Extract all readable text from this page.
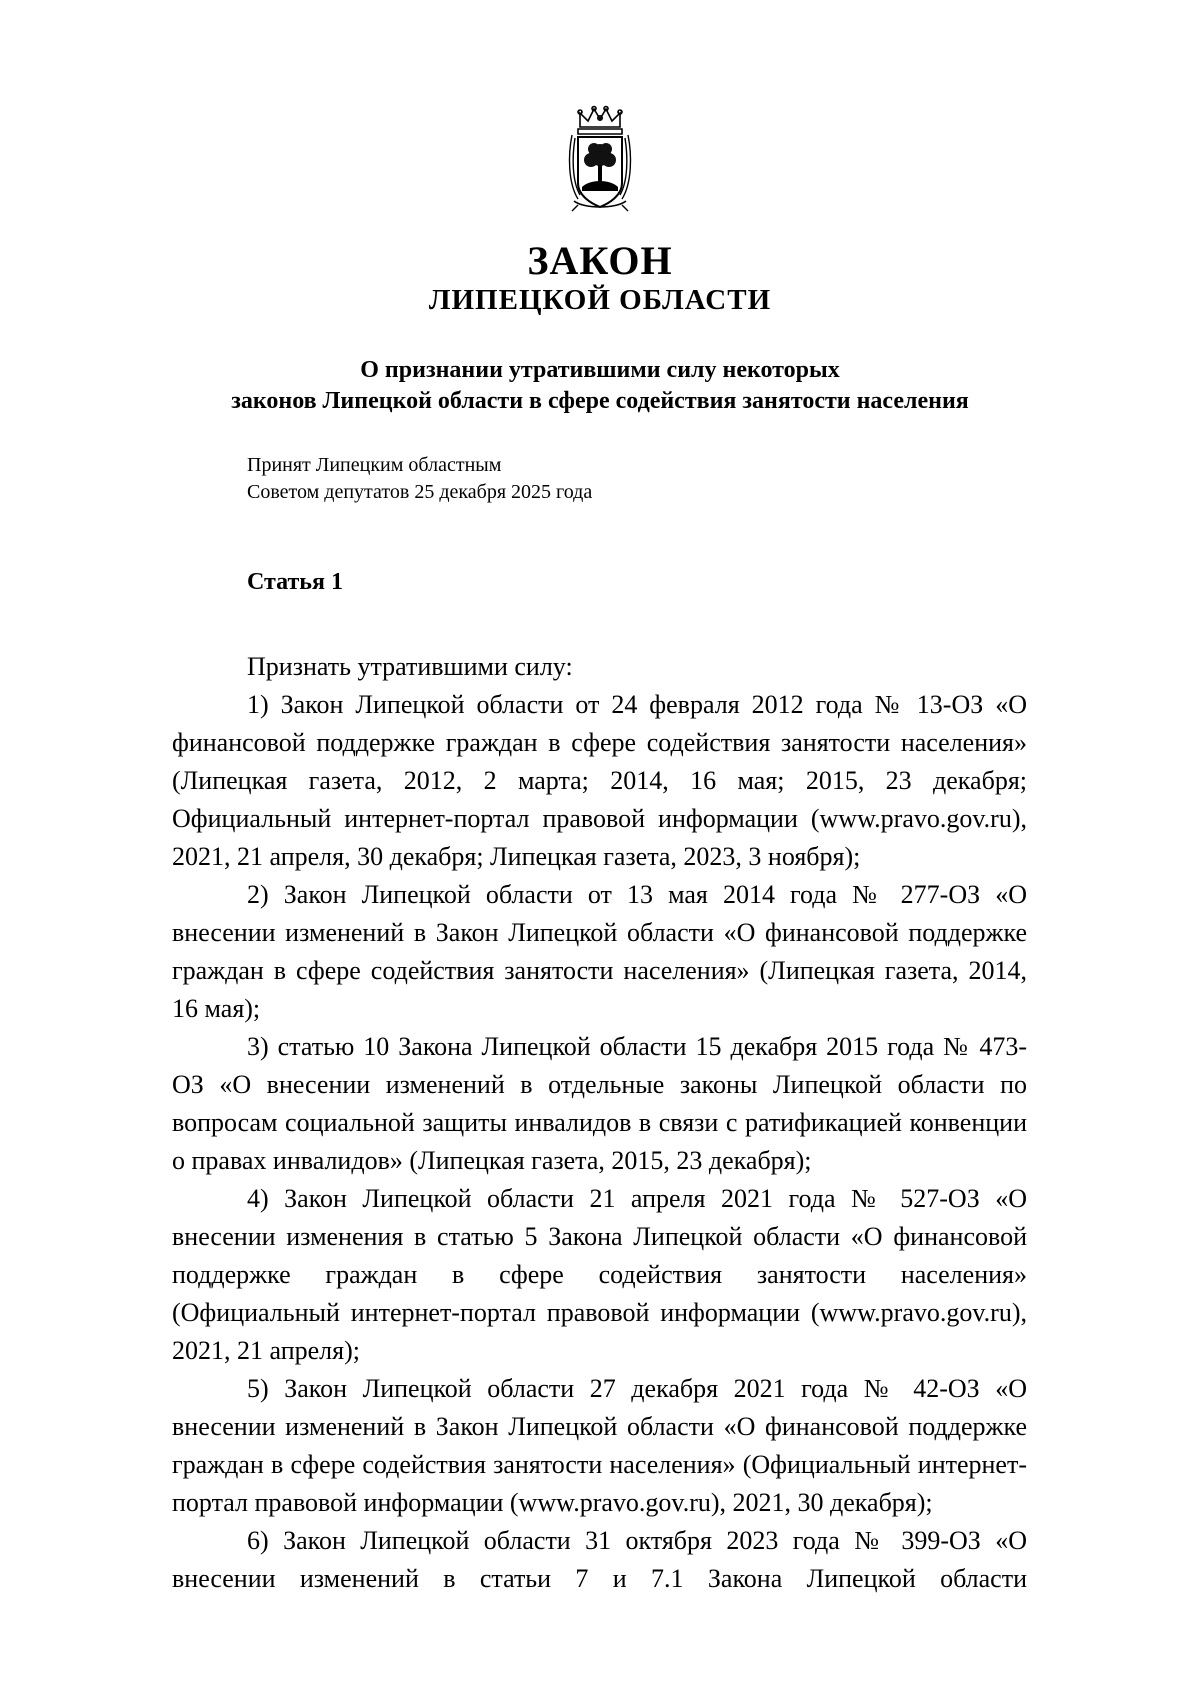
ЗАКОН
ЛИПЕЦКОЙ ОБЛАСТИ
О признании утратившими силу некоторых
законов Липецкой области в сфере содействия занятости населения
Принят Липецким областным
Советом депутатов 25 декабря 2025 года
Статья 1

Признать утратившими силу:

1) Закон Липецкой области от 24 февраля 2012 года № 13-ОЗ «О финансовой поддержке граждан в сфере содействия занятости населения» (Липецкая газета, 2012, 2 марта; 2014, 16 мая; 2015, 23 декабря; Официальный интернет-портал правовой информации (www.pravo.gov.ru), 2021, 21 апреля, 30 декабря; Липецкая газета, 2023, 3 ноября);

2) Закон Липецкой области от 13 мая 2014 года № 277-ОЗ «О внесении изменений в Закон Липецкой области «О финансовой поддержке граждан в сфере содействия занятости населения» (Липецкая газета, 2014, 16 мая);

3) статью 10 Закона Липецкой области 15 декабря 2015 года № 473-ОЗ «О внесении изменений в отдельные законы Липецкой области по вопросам социальной защиты инвалидов в связи с ратификацией конвенции о правах инвалидов» (Липецкая газета, 2015, 23 декабря);

4) Закон Липецкой области 21 апреля 2021 года № 527-ОЗ «О внесении изменения в статью 5 Закона Липецкой области «О финансовой поддержке граждан в сфере содействия занятости населения» (Официальный интернет-портал правовой информации (www.pravo.gov.ru), 2021, 21 апреля);

5) Закон Липецкой области 27 декабря 2021 года № 42-ОЗ «О внесении изменений в Закон Липецкой области «О финансовой поддержке граждан в сфере содействия занятости населения» (Официальный интернет-портал правовой информации (www.pravo.gov.ru), 2021, 30 декабря);

6) Закон Липецкой области 31 октября 2023 года № 399-ОЗ «О внесении изменений в статьи 7 и 7.1 Закона Липецкой области
